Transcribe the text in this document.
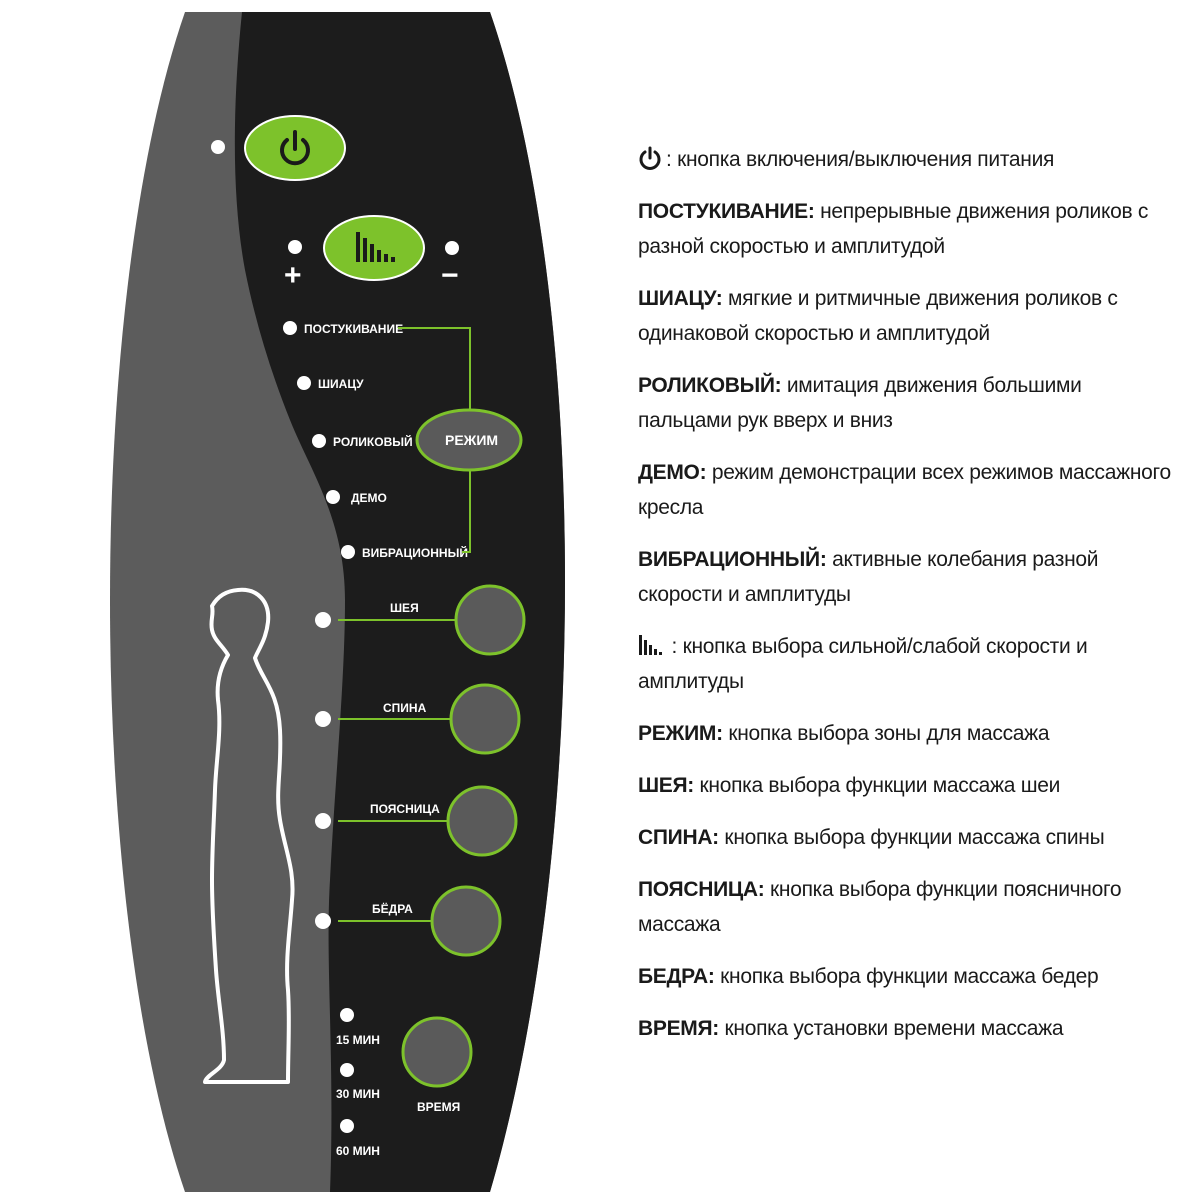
+	−
ПОСТУКИВАНИЕ
ШИАЦУ
РОЛИКОВЫЙ
ДЕМО
ВИБРАЦИОННЫЙ
РЕЖИМ
ШЕЯ
СПИНА
ПОЯСНИЦА
БЁДРА
15 МИН
30 МИН
60 МИН
ВРЕМЯ
: кнопка включения/выключения питания
ПОСТУКИВАНИЕ: непрерывные движения роликов с разной скоростью и амплитудой
ШИАЦУ: мягкие и ритмичные движения роликов с одинаковой скоростью и амплитудой
РОЛИКОВЫЙ: имитация движения большими пальцами рук вверх и вниз
ДЕМО: режим демонстрации всех режимов массажного кресла
ВИБРАЦИОННЫЙ: активные колебания разной скорости и амплитуды
: кнопка выбора сильной/слабой скорости и амплитуды
РЕЖИМ: кнопка выбора зоны для массажа
ШЕЯ: кнопка выбора функции массажа шеи
СПИНА: кнопка выбора функции массажа спины
ПОЯСНИЦА: кнопка выбора функции поясничного массажа
БЕДРА: кнопка выбора функции массажа бедер
ВРЕМЯ: кнопка установки времени массажа
